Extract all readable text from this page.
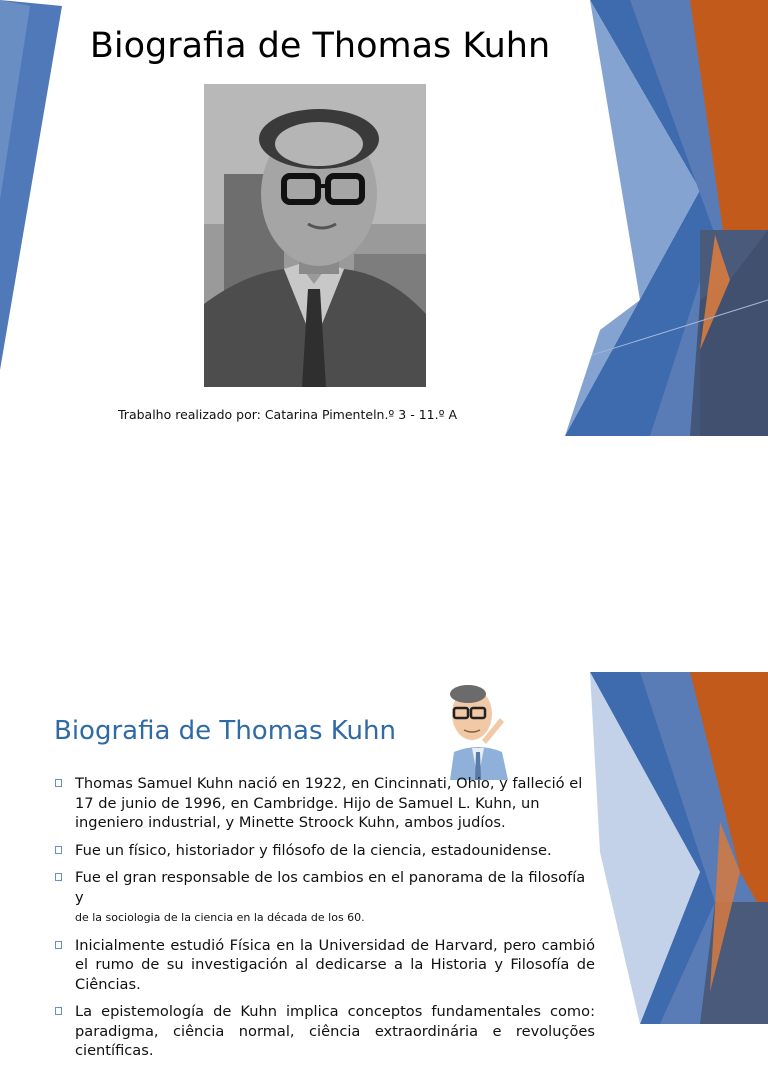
Biografia de Thomas Kuhn
Trabalho realizado por: Catarina Pimenteln.º 3 - 11.º A
Biografia de Thomas Kuhn
Thomas Samuel Kuhn nació en 1922, en Cincinnati, Ohio, y falleció el 17 de junio de 1996, en Cambridge. Hijo de Samuel L. Kuhn, un ingeniero industrial, y Minette Stroock Kuhn, ambos judíos.
Fue un físico, historiador y filósofo de la ciencia, estadounidense.
Fue el gran responsable de los cambios en el panorama de la filosofía y
de la sociologia de la ciencia en la década de los 60.
Inicialmente estudió Física en la Universidad de Harvard, pero cambió el rumo de su investigación al dedicarse a la Historia y Filosofía de Ciências.
La epistemología de Kuhn implica conceptos fundamentales como: paradigma, ciência normal, ciência extraordinária e revoluções científicas.
